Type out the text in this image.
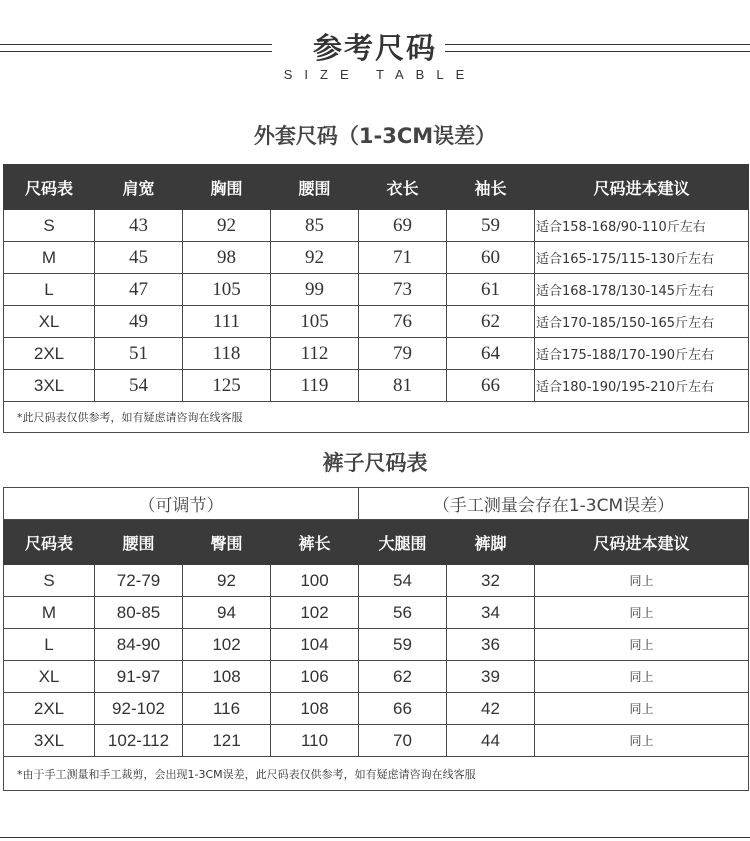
参考尺码
SIZE TABLE
外套尺码（1-3CM误差）
尺码表	肩宽	胸围	腰围	衣长	袖长	尺码进本建议
S	43	92	85	69	59	适合158-168/90-110斤左右
M	45	98	92	71	60	适合165-175/115-130斤左右
L	47	105	99	73	61	适合168-178/130-145斤左右
XL	49	111	105	76	62	适合170-185/150-165斤左右
2XL	51	118	112	79	64	适合175-188/170-190斤左右
3XL	54	125	119	81	66	适合180-190/195-210斤左右
*此尺码表仅供参考，如有疑虑请咨询在线客服						
裤子尺码表
（可调节）				（手工测量会存在1-3CM误差）		
尺码表	腰围	臀围	裤长	大腿围	裤脚	尺码进本建议
S	72-79	92	100	54	32	同上
M	80-85	94	102	56	34	同上
L	84-90	102	104	59	36	同上
XL	91-97	108	106	62	39	同上
2XL	92-102	116	108	66	42	同上
3XL	102-112	121	110	70	44	同上
*由于手工测量和手工裁剪，会出现1-3CM误差，此尺码表仅供参考，如有疑虑请咨询在线客服						
